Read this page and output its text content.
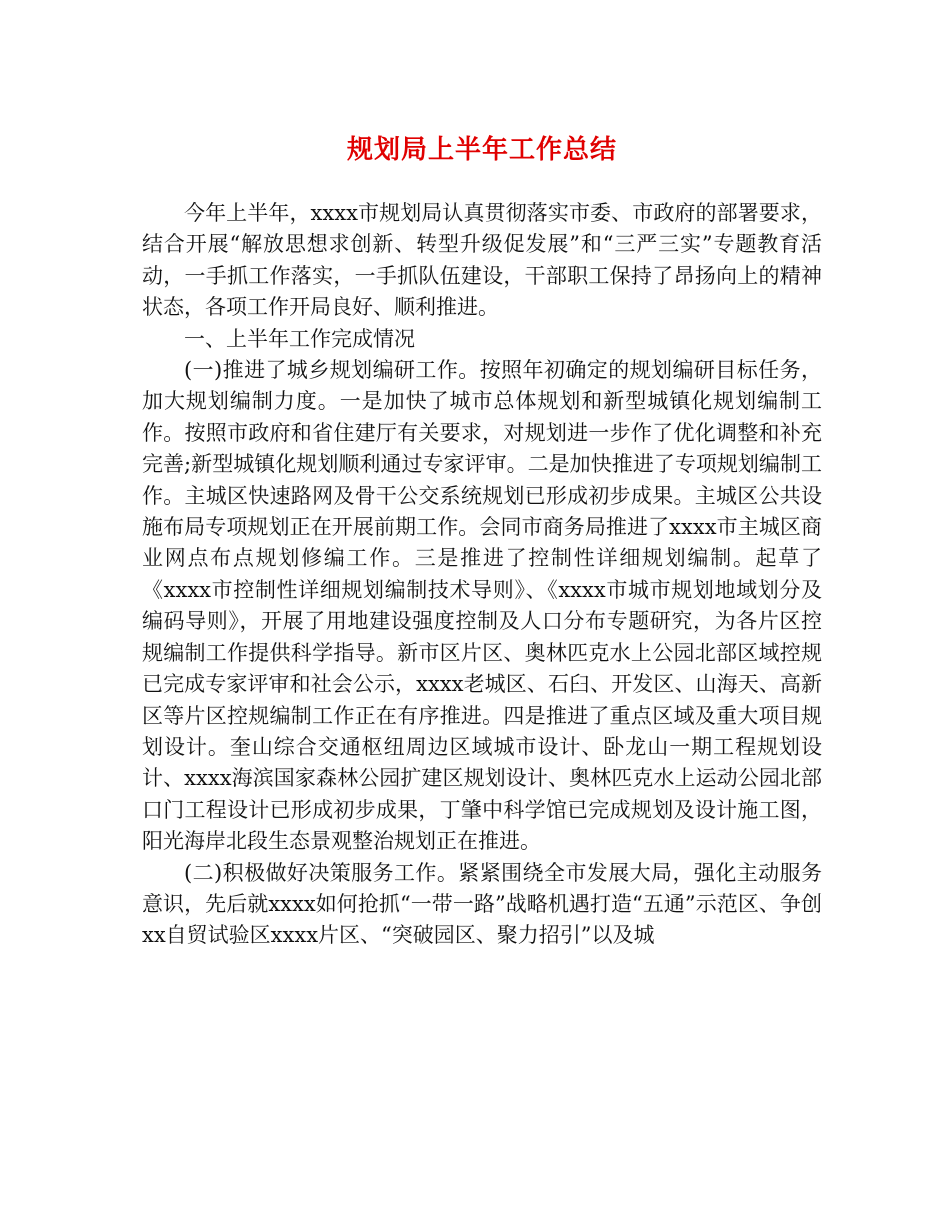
规划局上半年工作总结

今年上半年，xxxx市规划局认真贯彻落实市委、市政府的部署要求，结合开展“解放思想求创新、转型升级促发展”和“三严三实”专题教育活动，一手抓工作落实，一手抓队伍建设，干部职工保持了昂扬向上的精神状态，各项工作开局良好、顺利推进。

一、上半年工作完成情况

(一)推进了城乡规划编研工作。按照年初确定的规划编研目标任务，加大规划编制力度。一是加快了城市总体规划和新型城镇化规划编制工作。按照市政府和省住建厅有关要求，对规划进一步作了优化调整和补充完善;新型城镇化规划顺利通过专家评审。二是加快推进了专项规划编制工作。主城区快速路网及骨干公交系统规划已形成初步成果。主城区公共设施布局专项规划正在开展前期工作。会同市商务局推进了xxxx市主城区商业网点布点规划修编工作。三是推进了控制性详细规划编制。起草了《xxxx市控制性详细规划编制技术导则》、《xxxx市城市规划地域划分及编码导则》，开展了用地建设强度控制及人口分布专题研究，为各片区控规编制工作提供科学指导。新市区片区、奥林匹克水上公园北部区域控规已完成专家评审和社会公示，xxxx老城区、石臼、开发区、山海天、高新区等片区控规编制工作正在有序推进。四是推进了重点区域及重大项目规划设计。奎山综合交通枢纽周边区域城市设计、卧龙山一期工程规划设计、xxxx海滨国家森林公园扩建区规划设计、奥林匹克水上运动公园北部口门工程设计已形成初步成果，丁肇中科学馆已完成规划及设计施工图，阳光海岸北段生态景观整治规划正在推进。

(二)积极做好决策服务工作。紧紧围绕全市发展大局，强化主动服务意识，先后就xxxx如何抢抓“一带一路”战略机遇打造“五通”示范区、争创xx自贸试验区xxxx片区、“突破园区、聚力招引”以及城
